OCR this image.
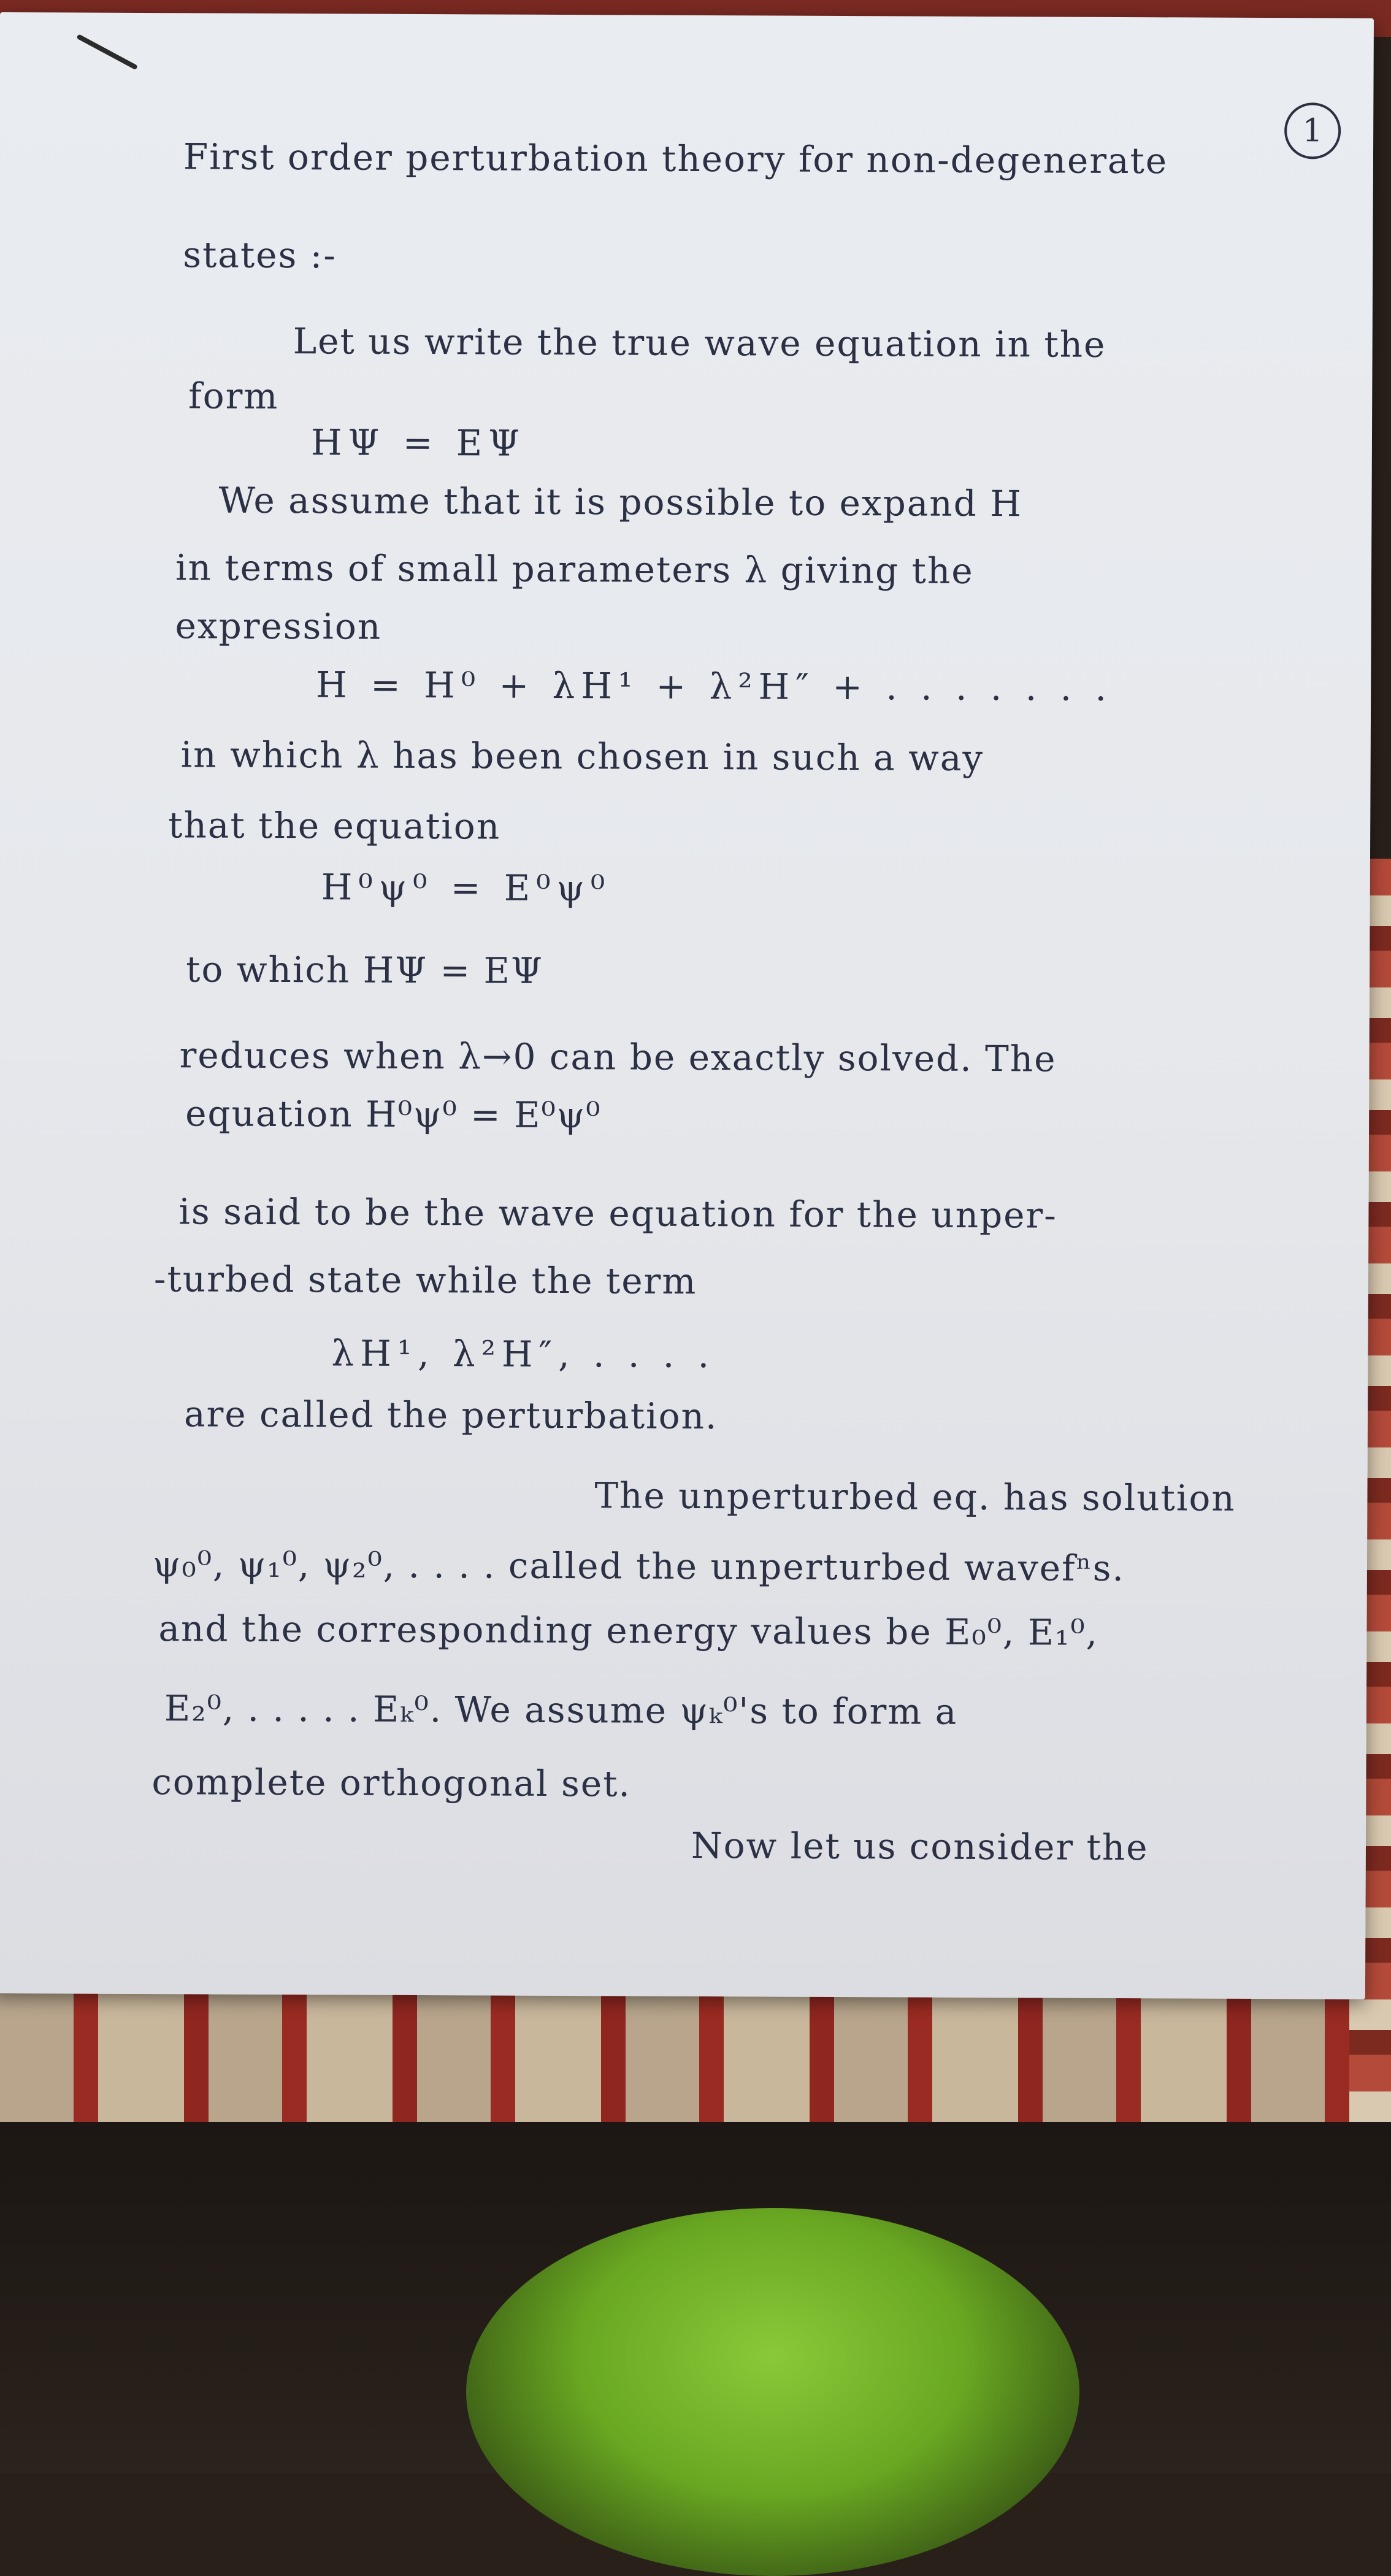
1
First order perturbation theory for non-degenerate
states :-
Let us write the true wave equation in the
form
HΨ = EΨ
We assume that it is possible to expand H
in terms of small parameters λ giving the
expression
H = H⁰ + λH¹ + λ²H″ + . . . . . . .
in which λ has been chosen in such a way
that the equation
H⁰ψ⁰ = E⁰ψ⁰
to which HΨ = EΨ
reduces when λ→0 can be exactly solved. The
equation H⁰ψ⁰ = E⁰ψ⁰
is said to be the wave equation for the unper-
-turbed state while the term
λH¹, λ²H″, . . . .
are called the perturbation.
The unperturbed eq. has solution
ψ₀⁰, ψ₁⁰, ψ₂⁰, . . . . called the unperturbed wavefⁿs.
and the corresponding energy values be E₀⁰, E₁⁰,
E₂⁰, . . . . . Eₖ⁰. We assume ψₖ⁰'s to form a
complete orthogonal set.
Now let us consider the
